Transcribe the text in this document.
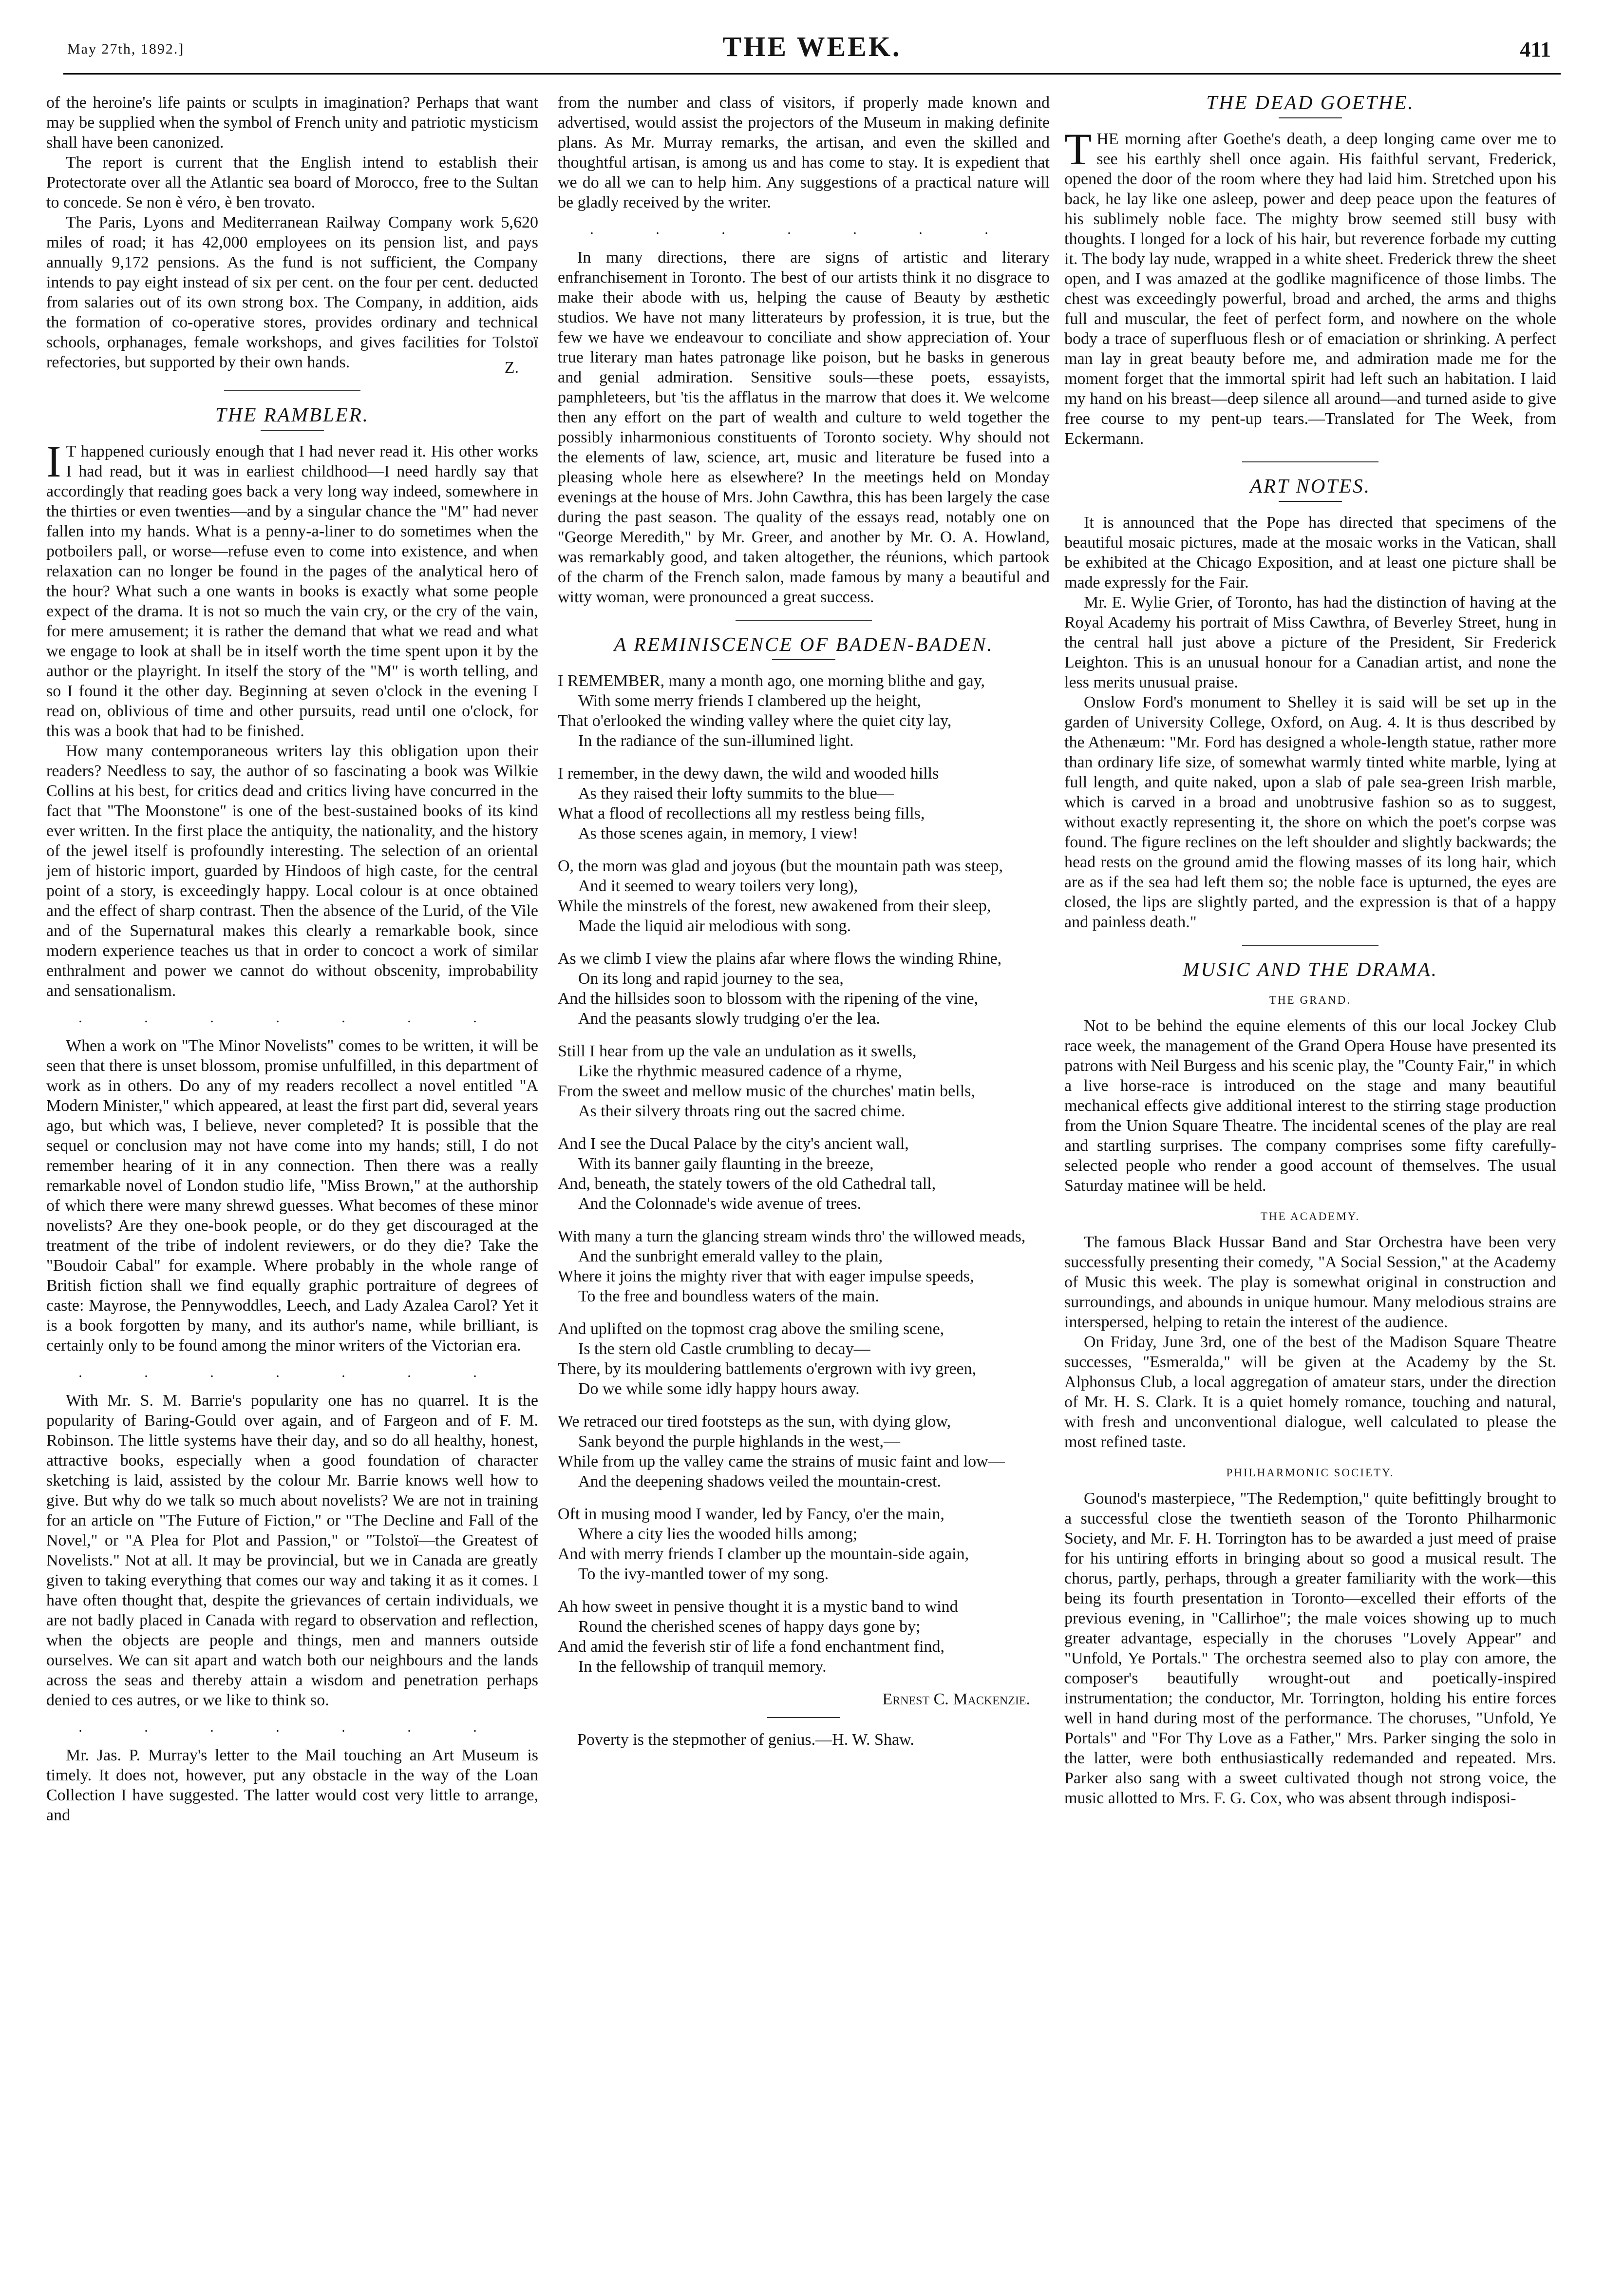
May 27th, 1892.]	THE WEEK.	411

of the heroine's life paints or sculpts in imagination? Perhaps that want may be supplied when the symbol of French unity and patriotic mysticism shall have been canonized.

The report is current that the English intend to establish their Protectorate over all the Atlantic sea board of Morocco, free to the Sultan to concede. Se non è véro, è ben trovato.

The Paris, Lyons and Mediterranean Railway Company work 5,620 miles of road; it has 42,000 employees on its pension list, and pays annually 9,172 pensions. As the fund is not sufficient, the Company intends to pay eight instead of six per cent. on the four per cent. deducted from salaries out of its own strong box. The Company, in addition, aids the formation of co-operative stores, provides ordinary and technical schools, orphanages, female workshops, and gives facilities for Tolstoï refectories, but supported by their own hands.	Z.
THE RAMBLER.

I T happened curiously enough that I had never read it. His other works I had read, but it was in earliest childhood—I need hardly say that accordingly that reading goes back a very long way indeed, somewhere in the thirties or even twenties—and by a singular chance the "M" had never fallen into my hands. What is a penny-a-liner to do sometimes when the potboilers pall, or worse—refuse even to come into existence, and when relaxation can no longer be found in the pages of the analytical hero of the hour? What such a one wants in books is exactly what some people expect of the drama. It is not so much the vain cry, or the cry of the vain, for mere amusement; it is rather the demand that what we read and what we engage to look at shall be in itself worth the time spent upon it by the author or the playright. In itself the story of the "M" is worth telling, and so I found it the other day. Beginning at seven o'clock in the evening I read on, oblivious of time and other pursuits, read until one o'clock, for this was a book that had to be finished.

How many contemporaneous writers lay this obligation upon their readers? Needless to say, the author of so fascinating a book was Wilkie Collins at his best, for critics dead and critics living have concurred in the fact that "The Moonstone" is one of the best-sustained books of its kind ever written. In the first place the antiquity, the nationality, and the history of the jewel itself is profoundly interesting. The selection of an oriental jem of historic import, guarded by Hindoos of high caste, for the central point of a story, is exceedingly happy. Local colour is at once obtained and the effect of sharp contrast. Then the absence of the Lurid, of the Vile and of the Supernatural makes this clearly a remarkable book, since modern experience teaches us that in order to concoct a work of similar enthralment and power we cannot do without obscenity, improbability and sensationalism.

. . . . . . .

When a work on "The Minor Novelists" comes to be written, it will be seen that there is unset blossom, promise unfulfilled, in this department of work as in others. Do any of my readers recollect a novel entitled "A Modern Minister," which appeared, at least the first part did, several years ago, but which was, I believe, never completed? It is possible that the sequel or conclusion may not have come into my hands; still, I do not remember hearing of it in any connection. Then there was a really remarkable novel of London studio life, "Miss Brown," at the authorship of which there were many shrewd guesses. What becomes of these minor novelists? Are they one-book people, or do they get discouraged at the treatment of the tribe of indolent reviewers, or do they die? Take the "Boudoir Cabal" for example. Where probably in the whole range of British fiction shall we find equally graphic portraiture of degrees of caste: Mayrose, the Pennywoddles, Leech, and Lady Azalea Carol? Yet it is a book forgotten by many, and its author's name, while brilliant, is certainly only to be found among the minor writers of the Victorian era.

. . . . . . .

With Mr. S. M. Barrie's popularity one has no quarrel. It is the popularity of Baring-Gould over again, and of Fargeon and of F. M. Robinson. The little systems have their day, and so do all healthy, honest, attractive books, especially when a good foundation of character sketching is laid, assisted by the colour Mr. Barrie knows well how to give. But why do we talk so much about novelists? We are not in training for an article on "The Future of Fiction," or "The Decline and Fall of the Novel," or "A Plea for Plot and Passion," or "Tolstoï—the Greatest of Novelists." Not at all. It may be provincial, but we in Canada are greatly given to taking everything that comes our way and taking it as it comes. I have often thought that, despite the grievances of certain individuals, we are not badly placed in Canada with regard to observation and reflection, when the objects are people and things, men and manners outside ourselves. We can sit apart and watch both our neighbours and the lands across the seas and thereby attain a wisdom and penetration perhaps denied to ces autres, or we like to think so.

. . . . . . .

Mr. Jas. P. Murray's letter to the Mail touching an Art Museum is timely. It does not, however, put any obstacle in the way of the Loan Collection I have suggested. The latter would cost very little to arrange, and

from the number and class of visitors, if properly made known and advertised, would assist the projectors of the Museum in making definite plans. As Mr. Murray remarks, the artisan, and even the skilled and thoughtful artisan, is among us and has come to stay. It is expedient that we do all we can to help him. Any suggestions of a practical nature will be gladly received by the writer.

. . . . . . .

In many directions, there are signs of artistic and literary enfranchisement in Toronto. The best of our artists think it no disgrace to make their abode with us, helping the cause of Beauty by æsthetic studios. We have not many litterateurs by profession, it is true, but the few we have we endeavour to conciliate and show appreciation of. Your true literary man hates patronage like poison, but he basks in generous and genial admiration. Sensitive souls—these poets, essayists, pamphleteers, but 'tis the afflatus in the marrow that does it. We welcome then any effort on the part of wealth and culture to weld together the possibly inharmonious constituents of Toronto society. Why should not the elements of law, science, art, music and literature be fused into a pleasing whole here as elsewhere? In the meetings held on Monday evenings at the house of Mrs. John Cawthra, this has been largely the case during the past season. The quality of the essays read, notably one on "George Meredith," by Mr. Greer, and another by Mr. O. A. Howland, was remarkably good, and taken altogether, the réunions, which partook of the charm of the French salon, made famous by many a beautiful and witty woman, were pronounced a great success.

A REMINISCENCE OF BADEN-BADEN.
I REMEMBER, many a month ago, one morning blithe and gay,
With some merry friends I clambered up the height,
That o'erlooked the winding valley where the quiet city lay,
In the radiance of the sun-illumined light.
I remember, in the dewy dawn, the wild and wooded hills
As they raised their lofty summits to the blue—
What a flood of recollections all my restless being fills,
As those scenes again, in memory, I view!
O, the morn was glad and joyous (but the mountain path was steep,
And it seemed to weary toilers very long),
While the minstrels of the forest, new awakened from their sleep,
Made the liquid air melodious with song.
As we climb I view the plains afar where flows the winding Rhine,
On its long and rapid journey to the sea,
And the hillsides soon to blossom with the ripening of the vine,
And the peasants slowly trudging o'er the lea.
Still I hear from up the vale an undulation as it swells,
Like the rhythmic measured cadence of a rhyme,
From the sweet and mellow music of the churches' matin bells,
As their silvery throats ring out the sacred chime.
And I see the Ducal Palace by the city's ancient wall,
With its banner gaily flaunting in the breeze,
And, beneath, the stately towers of the old Cathedral tall,
And the Colonnade's wide avenue of trees.
With many a turn the glancing stream winds thro' the willowed meads,
And the sunbright emerald valley to the plain,
Where it joins the mighty river that with eager impulse speeds,
To the free and boundless waters of the main.
And uplifted on the topmost crag above the smiling scene,
Is the stern old Castle crumbling to decay—
There, by its mouldering battlements o'ergrown with ivy green,
Do we while some idly happy hours away.
We retraced our tired footsteps as the sun, with dying glow,
Sank beyond the purple highlands in the west,—
While from up the valley came the strains of music faint and low—
And the deepening shadows veiled the mountain-crest.
Oft in musing mood I wander, led by Fancy, o'er the main,
Where a city lies the wooded hills among;
And with merry friends I clamber up the mountain-side again,
To the ivy-mantled tower of my song.
Ah how sweet in pensive thought it is a mystic band to wind
Round the cherished scenes of happy days gone by;
And amid the feverish stir of life a fond enchantment find,
In the fellowship of tranquil memory.
Ernest C. Mackenzie.

Poverty is the stepmother of genius.—H. W. Shaw.

THE DEAD GOETHE.

THE morning after Goethe's death, a deep longing came over me to see his earthly shell once again. His faithful servant, Frederick, opened the door of the room where they had laid him. Stretched upon his back, he lay like one asleep, power and deep peace upon the features of his sublimely noble face. The mighty brow seemed still busy with thoughts. I longed for a lock of his hair, but reverence forbade my cutting it. The body lay nude, wrapped in a white sheet. Frederick threw the sheet open, and I was amazed at the godlike magnificence of those limbs. The chest was exceedingly powerful, broad and arched, the arms and thighs full and muscular, the feet of perfect form, and nowhere on the whole body a trace of superfluous flesh or of emaciation or shrinking. A perfect man lay in great beauty before me, and admiration made me for the moment forget that the immortal spirit had left such an habitation. I laid my hand on his breast—deep silence all around—and turned aside to give free course to my pent-up tears.—Translated for The Week, from Eckermann.

ART NOTES.

It is announced that the Pope has directed that specimens of the beautiful mosaic pictures, made at the mosaic works in the Vatican, shall be exhibited at the Chicago Exposition, and at least one picture shall be made expressly for the Fair.

Mr. E. Wylie Grier, of Toronto, has had the distinction of having at the Royal Academy his portrait of Miss Cawthra, of Beverley Street, hung in the central hall just above a picture of the President, Sir Frederick Leighton. This is an unusual honour for a Canadian artist, and none the less merits unusual praise.

Onslow Ford's monument to Shelley it is said will be set up in the garden of University College, Oxford, on Aug. 4. It is thus described by the Athenæum: "Mr. Ford has designed a whole-length statue, rather more than ordinary life size, of somewhat warmly tinted white marble, lying at full length, and quite naked, upon a slab of pale sea-green Irish marble, which is carved in a broad and unobtrusive fashion so as to suggest, without exactly representing it, the shore on which the poet's corpse was found. The figure reclines on the left shoulder and slightly backwards; the head rests on the ground amid the flowing masses of its long hair, which are as if the sea had left them so; the noble face is upturned, the eyes are closed, the lips are slightly parted, and the expression is that of a happy and painless death."

MUSIC AND THE DRAMA.
THE GRAND.

Not to be behind the equine elements of this our local Jockey Club race week, the management of the Grand Opera House have presented its patrons with Neil Burgess and his scenic play, the "County Fair," in which a live horse-race is introduced on the stage and many beautiful mechanical effects give additional interest to the stirring stage production from the Union Square Theatre. The incidental scenes of the play are real and startling surprises. The company comprises some fifty carefully-selected people who render a good account of themselves. The usual Saturday matinee will be held.

THE ACADEMY.

The famous Black Hussar Band and Star Orchestra have been very successfully presenting their comedy, "A Social Session," at the Academy of Music this week. The play is somewhat original in construction and surroundings, and abounds in unique humour. Many melodious strains are interspersed, helping to retain the interest of the audience.

On Friday, June 3rd, one of the best of the Madison Square Theatre successes, "Esmeralda," will be given at the Academy by the St. Alphonsus Club, a local aggregation of amateur stars, under the direction of Mr. H. S. Clark. It is a quiet homely romance, touching and natural, with fresh and unconventional dialogue, well calculated to please the most refined taste.

PHILHARMONIC SOCIETY.

Gounod's masterpiece, "The Redemption," quite befittingly brought to a successful close the twentieth season of the Toronto Philharmonic Society, and Mr. F. H. Torrington has to be awarded a just meed of praise for his untiring efforts in bringing about so good a musical result. The chorus, partly, perhaps, through a greater familiarity with the work—this being its fourth presentation in Toronto—excelled their efforts of the previous evening, in "Callirhoe"; the male voices showing up to much greater advantage, especially in the choruses "Lovely Appear" and "Unfold, Ye Portals." The orchestra seemed also to play con amore, the composer's beautifully wrought-out and poetically-inspired instrumentation; the conductor, Mr. Torrington, holding his entire forces well in hand during most of the performance. The choruses, "Unfold, Ye Portals" and "For Thy Love as a Father," Mrs. Parker singing the solo in the latter, were both enthusiastically redemanded and repeated. Mrs. Parker also sang with a sweet cultivated though not strong voice, the music allotted to Mrs. F. G. Cox, who was absent through indisposi-
